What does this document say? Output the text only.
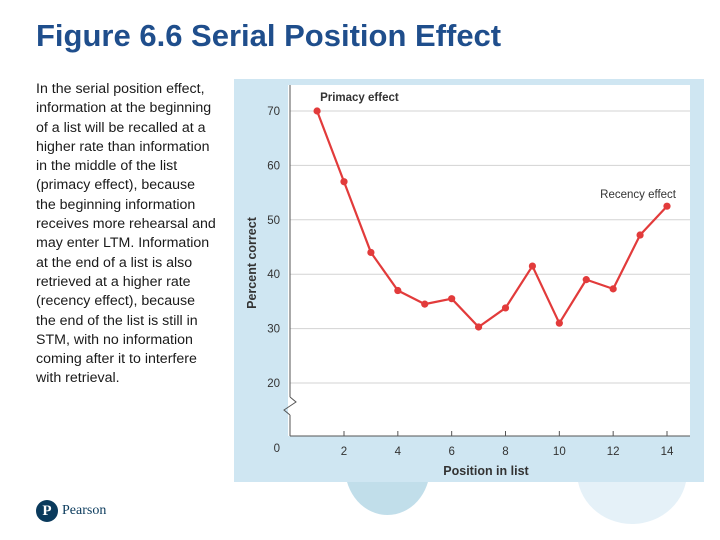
Figure 6.6 Serial Position Effect
In the serial position effect, information at the beginning of a list will be recalled at a higher rate than information in the middle of the list (primacy effect), because the beginning information receives more rehearsal and may enter LTM. Information at the end of a list is also retrieved at a higher rate (recency effect), because the end of the list is still in STM, with no information coming after it to interfere with retrieval.
0
20
30
40
50
60
70
2	4	6	8	10	12	14
Position in list
Percent correct
Primacy effect
Recency effect
P Pearson
